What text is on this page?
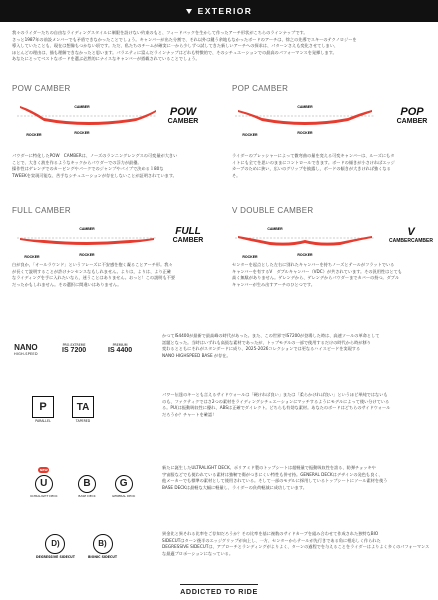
EXTERIOR
我々のライダーたちの自由なライディングスタイルに制限を設けない約束のもと、フィードバックを生かして作ったアーチ形状がこちらのラインナップです。
さっと1987年の前設メンバーでも矛盾できなかったことでしょう。キャンバーが出た分割で、それ以外は鍵う余地もなかったボードのアーチは、徐之の先導でスキーのテクノロジーを
導入していたことも、現在は想像もつかない頃です。ただ、私たちのチームが確実に一から少しずつ試してきた新しいアーチへの探求は、パターンさえも変化させてしまい、
ほとんどの理由は、描も理解できなかったと思います。パラエティに富んだラインナップはどれも特徴的で、そのシチュエーションでの最高のパフォーマンスを発揮します。
あなたにとってベストなボードを選ぶ必然的にナイスなキャンバーが搭載されていることでしょう。
POW CAMBER
CAMBER
ROCKER
ROCKER
POW
CAMBER
パウダーに特化したPOW　CAMBERは、ノーズのランニングレングスの可変量が大きい
ことで、大きく波を作るようなキックからパウダーでの浮力が最優。
操作性はゲレンデでのカービングやパークでのジャンプやパイプで決める１80な
TWEEKを実現可能な、苦手なシチュエーションが存在しないことが証明されています。
POP CAMBER
CAMBER
ROCKER
ROCKER
POP
CAMBER
ライダーのプレッシャーによって微弯曲の量を変える可変キャンバーは、ルーズにもタ
イトにも全てを思いのままにコントロールできます。ボードの傾きが小さければエッジ
カーブのために狭い，広いのグリップを披露し，ボードの傾きが大きければ強くなる
そ。
FULL CAMBER
CAMBER
ROCKER
ROCKER
FULL
CAMBER
白が良か，「オールラウンド」というフレーズに不安感を抱く凝ることアーチ形。我々
が長くて説明することが許けナンセンスなもしれません。よりは，よりは、より正確
なライディングを手に入れたいなら，迷うことはありません。おっと！この説明も不要
だったかもしれません。その選択に間違いはありません。
V DOUBLE CAMBER
CAMBER
ROCKER
ROCKER
V
CAMBERCAMBER
センターを起点とした左右に別れたキャンバーを持ちノーズとテールがフラットでいる
キャンバーを有するV　ダブルキャンバー（VDC）が共されています。その汎用性はとても
高く無駄がありません。ゲレンデから、ゲレンデからパウダーまでカバーの持つ。ダブル
キャンバーが生み出すアーチのひとつです。
NANO
HIGH-SPEED
PRO-EXTREME
IS 7200
PREMIUM
IS 4400
かつてIS4400が最新で最高峰の時代があった。また、この世界でIS7200が登場した時は、高速ソールの革命として
話題となった。当時はいずれも高級な素材であったが、トップモデルの一部で使用するだけの時代から時が移り
変わるとともにそれがスタンダードに成り、2025-2026コレクションでは更なるハイスピードを実現する
NANO HIGHSPEED BASE が存在。
P
PARALLEL
TA
TAPERED
パワー伝達のキーとも言えるサイドウォールは「硬ければ良い」または「柔らかければ良い」というほど単純ではないも
のも、ファクティクではさ2つの素材をライディングシチュエーションにマッチするようにモデルによって使い分けている
る。PU(は振動吸収性に優れ、ABSは正確でダイレクト。どちらも有効な素材。あなたのボードはどちらのサイドウォール
だろうか？チャートを確認！
NEW
U
ULTRALIGHT DECK
B
BASE DECK
G
GENERAL DECK
新たに誕生したULTRALIGHT DECK。ポリアミド製のトップシートは超軽量で振動吸収性を誇る、防弾チョッキや
宇宙服などでも使われている素材は強靭で傷がつきにくい特性も併せ持。GENERAL DECKはデザインの発色も良く、
他メーカーでも標準の素材として使用されている。そして一部のモデルに採用しているトップシートにソール素材を使う
BASE DECKは最軽な大幅に軽量し、ライダーの負荷軽減に成功しています。
D)
DEGRESSIVE SIDECUT
B)
BIONIC SIDECUT
異金比と異それる比率をご存知だろうか？その比率を基に複数のサイドカーブを組み合わせて作成された独特なBIO
SIDECUTはターン後半のエッジグリップが向上し、一方、センターからテールが先行きである角に相応しく作られた
DEGRESSIVE SIDECUTは、アプローチとランディングがよりよく、ターンの過程でを与えることをライダーはよりよく多くのパフォーマンス
な最適プロポーションになっている。
ADDICTED TO RIDE
